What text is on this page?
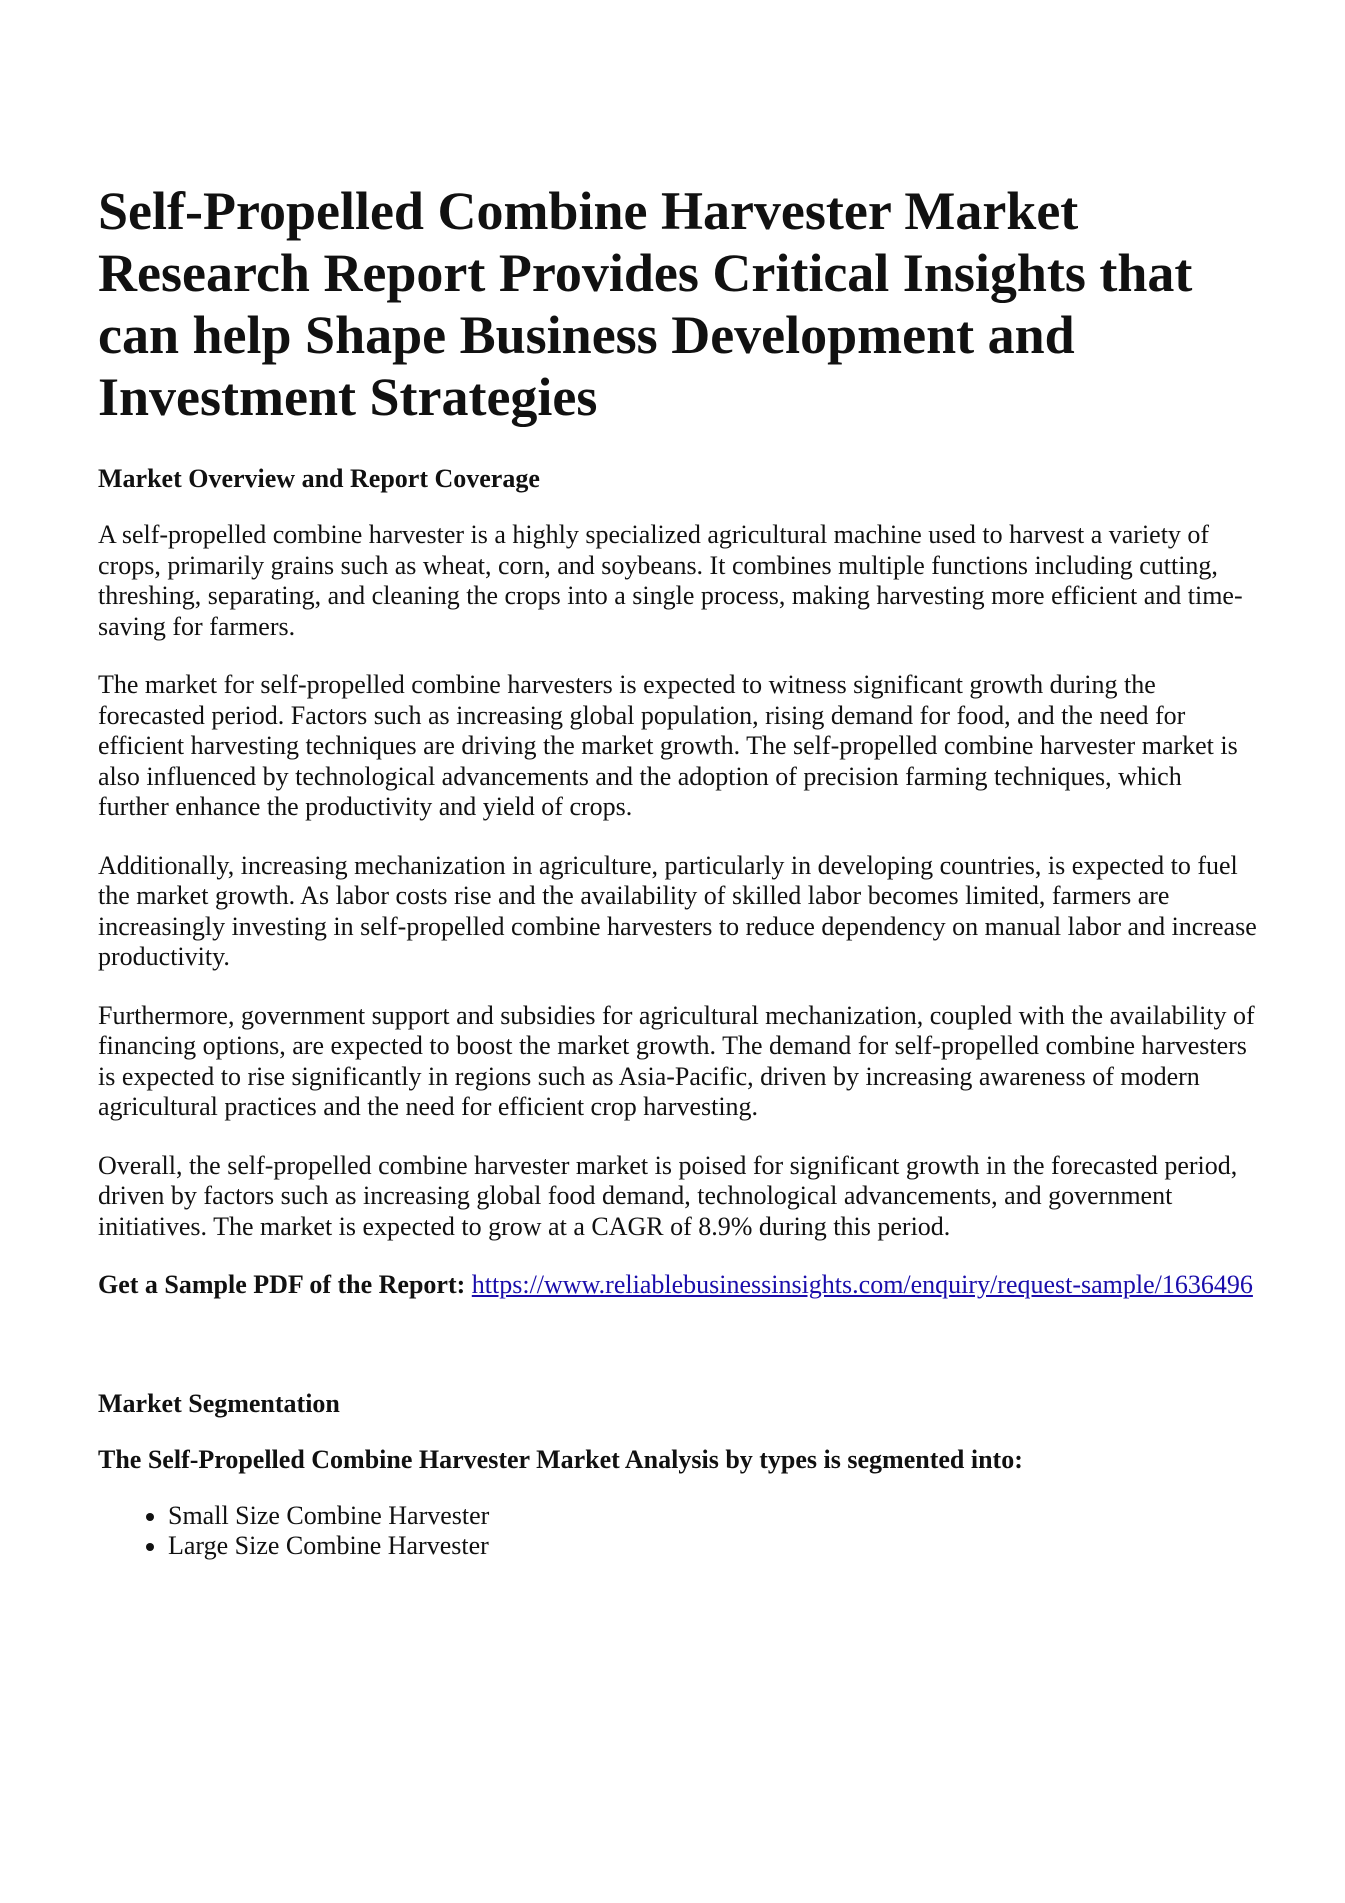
Self-Propelled Combine Harvester Market Research Report Provides Critical Insights that can help Shape Business Development and Investment Strategies
Market Overview and Report Coverage

A self-propelled combine harvester is a highly specialized agricultural machine used to harvest a variety of crops, primarily grains such as wheat, corn, and soybeans. It combines multiple functions including cutting, threshing, separating, and cleaning the crops into a single process, making harvesting more efficient and time-saving for farmers.

The market for self-propelled combine harvesters is expected to witness significant growth during the forecasted period. Factors such as increasing global population, rising demand for food, and the need for efficient harvesting techniques are driving the market growth. The self-propelled combine harvester market is also influenced by technological advancements and the adoption of precision farming techniques, which further enhance the productivity and yield of crops.

Additionally, increasing mechanization in agriculture, particularly in developing countries, is expected to fuel the market growth. As labor costs rise and the availability of skilled labor becomes limited, farmers are increasingly investing in self-propelled combine harvesters to reduce dependency on manual labor and increase productivity.

Furthermore, government support and subsidies for agricultural mechanization, coupled with the availability of financing options, are expected to boost the market growth. The demand for self-propelled combine harvesters is expected to rise significantly in regions such as Asia-Pacific, driven by increasing awareness of modern agricultural practices and the need for efficient crop harvesting.

Overall, the self-propelled combine harvester market is poised for significant growth in the forecasted period, driven by factors such as increasing global food demand, technological advancements, and government initiatives. The market is expected to grow at a CAGR of 8.9% during this period.

Get a Sample PDF of the Report: https://www.reliablebusinessinsights.com/enquiry/request-sample/1636496

Market Segmentation
The Self-Propelled Combine Harvester Market Analysis by types is segmented into:
• Small Size Combine Harvester
• Large Size Combine Harvester
